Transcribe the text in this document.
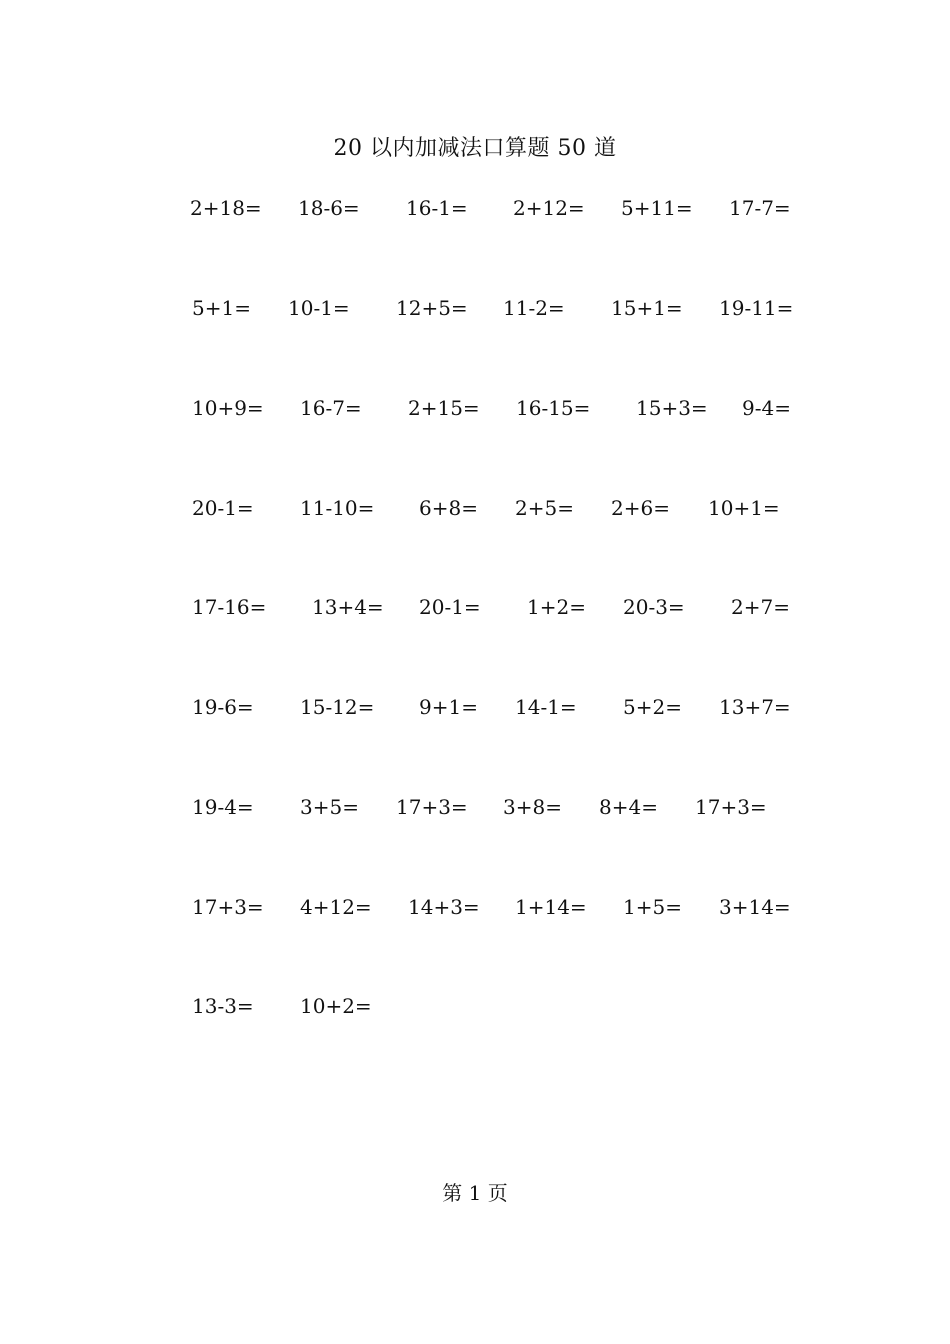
20 以内加减法口算题 50 道
2+18= 18-6= 16-1= 2+12= 5+11= 17-7=
5+1= 10-1= 12+5= 11-2= 15+1= 19-11=
10+9= 16-7= 2+15= 16-15= 15+3= 9-4=
20-1= 11-10= 6+8= 2+5= 2+6= 10+1=
17-16= 13+4= 20-1= 1+2= 20-3= 2+7=
19-6= 15-12= 9+1= 14-1= 5+2= 13+7=
19-4= 3+5= 17+3= 3+8= 8+4= 17+3=
17+3= 4+12= 14+3= 1+14= 1+5= 3+14=
13-3= 10+2=
第 1 页
